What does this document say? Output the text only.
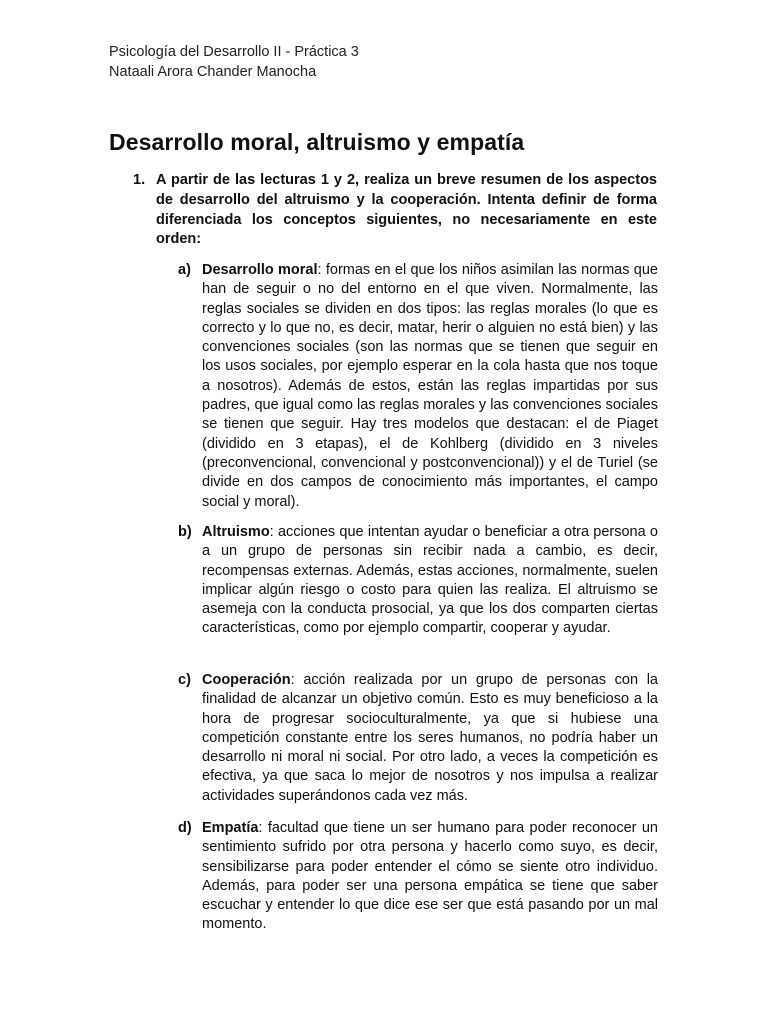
Psicología del Desarrollo II - Práctica 3
Nataali Arora Chander Manocha
Desarrollo moral, altruismo y empatía
1. A partir de las lecturas 1 y 2, realiza un breve resumen de los aspectos de desarrollo del altruismo y la cooperación. Intenta definir de forma diferenciada los conceptos siguientes, no necesariamente en este orden:
a) Desarrollo moral: formas en el que los niños asimilan las normas que han de seguir o no del entorno en el que viven. Normalmente, las reglas sociales se dividen en dos tipos: las reglas morales (lo que es correcto y lo que no, es decir, matar, herir o alguien no está bien) y las convenciones sociales (son las normas que se tienen que seguir en los usos sociales, por ejemplo esperar en la cola hasta que nos toque a nosotros). Además de estos, están las reglas impartidas por sus padres, que igual como las reglas morales y las convenciones sociales se tienen que seguir. Hay tres modelos que destacan: el de Piaget (dividido en 3 etapas), el de Kohlberg (dividido en 3 niveles (preconvencional, convencional y postconvencional)) y el de Turiel (se divide en dos campos de conocimiento más importantes, el campo social y moral).
b) Altruismo: acciones que intentan ayudar o beneficiar a otra persona o a un grupo de personas sin recibir nada a cambio, es decir, recompensas externas. Además, estas acciones, normalmente, suelen implicar algún riesgo o costo para quien las realiza. El altruismo se asemeja con la conducta prosocial, ya que los dos comparten ciertas características, como por ejemplo compartir, cooperar y ayudar.
c) Cooperación: acción realizada por un grupo de personas con la finalidad de alcanzar un objetivo común. Esto es muy beneficioso a la hora de progresar socioculturalmente, ya que si hubiese una competición constante entre los seres humanos, no podría haber un desarrollo ni moral ni social. Por otro lado, a veces la competición es efectiva, ya que saca lo mejor de nosotros y nos impulsa a realizar actividades superándonos cada vez más.
d) Empatía: facultad que tiene un ser humano para poder reconocer un sentimiento sufrido por otra persona y hacerlo como suyo, es decir, sensibilizarse para poder entender el cómo se siente otro individuo. Además, para poder ser una persona empática se tiene que saber escuchar y entender lo que dice ese ser que está pasando por un mal momento.
